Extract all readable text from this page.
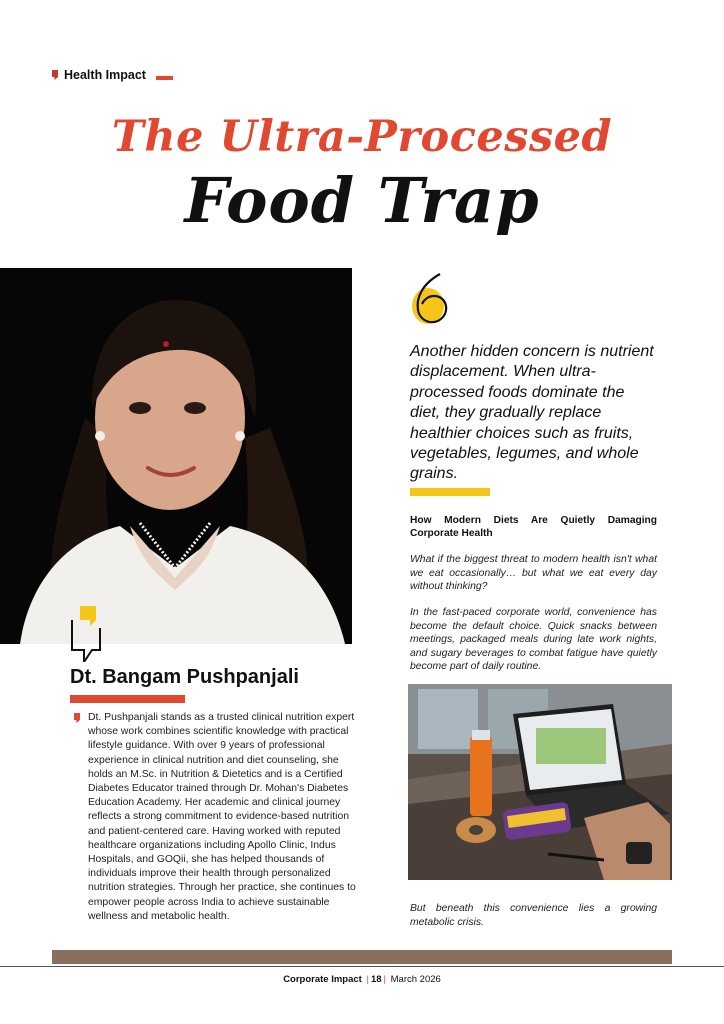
Health Impact
The Ultra-Processed
Food Trap
Dt. Bangam Pushpanjali
Dt. Pushpanjali stands as a trusted clinical nutrition expert whose work combines scientific knowledge with practical lifestyle guidance. With over 9 years of professional experience in clinical nutrition and diet counseling, she holds an M.Sc. in Nutrition & Dietetics and is a Certified Diabetes Educator trained through Dr. Mohan's Diabetes Education Academy. Her academic and clinical journey reflects a strong commitment to evidence-based nutrition and patient-centered care. Having worked with reputed healthcare organizations including Apollo Clinic, Indus Hospitals, and GOQii, she has helped thousands of individuals improve their health through personalized nutrition strategies. Through her practice, she continues to empower people across India to achieve sustainable wellness and metabolic health.
Another hidden concern is nutrient displacement. When ultra-processed foods dominate the diet, they gradually replace healthier choices such as fruits, vegetables, legumes, and whole grains.
How Modern Diets Are Quietly Damaging
Corporate Health
What if the biggest threat to modern health isn't what we eat occasionally… but what we eat every day without thinking?
In the fast-paced corporate world, convenience has become the default choice. Quick snacks between meetings, packaged meals during late work nights, and sugary beverages to combat fatigue have quietly become part of daily routine.
But beneath this convenience lies a growing metabolic crisis.
Corporate Impact | 18 | March 2026
